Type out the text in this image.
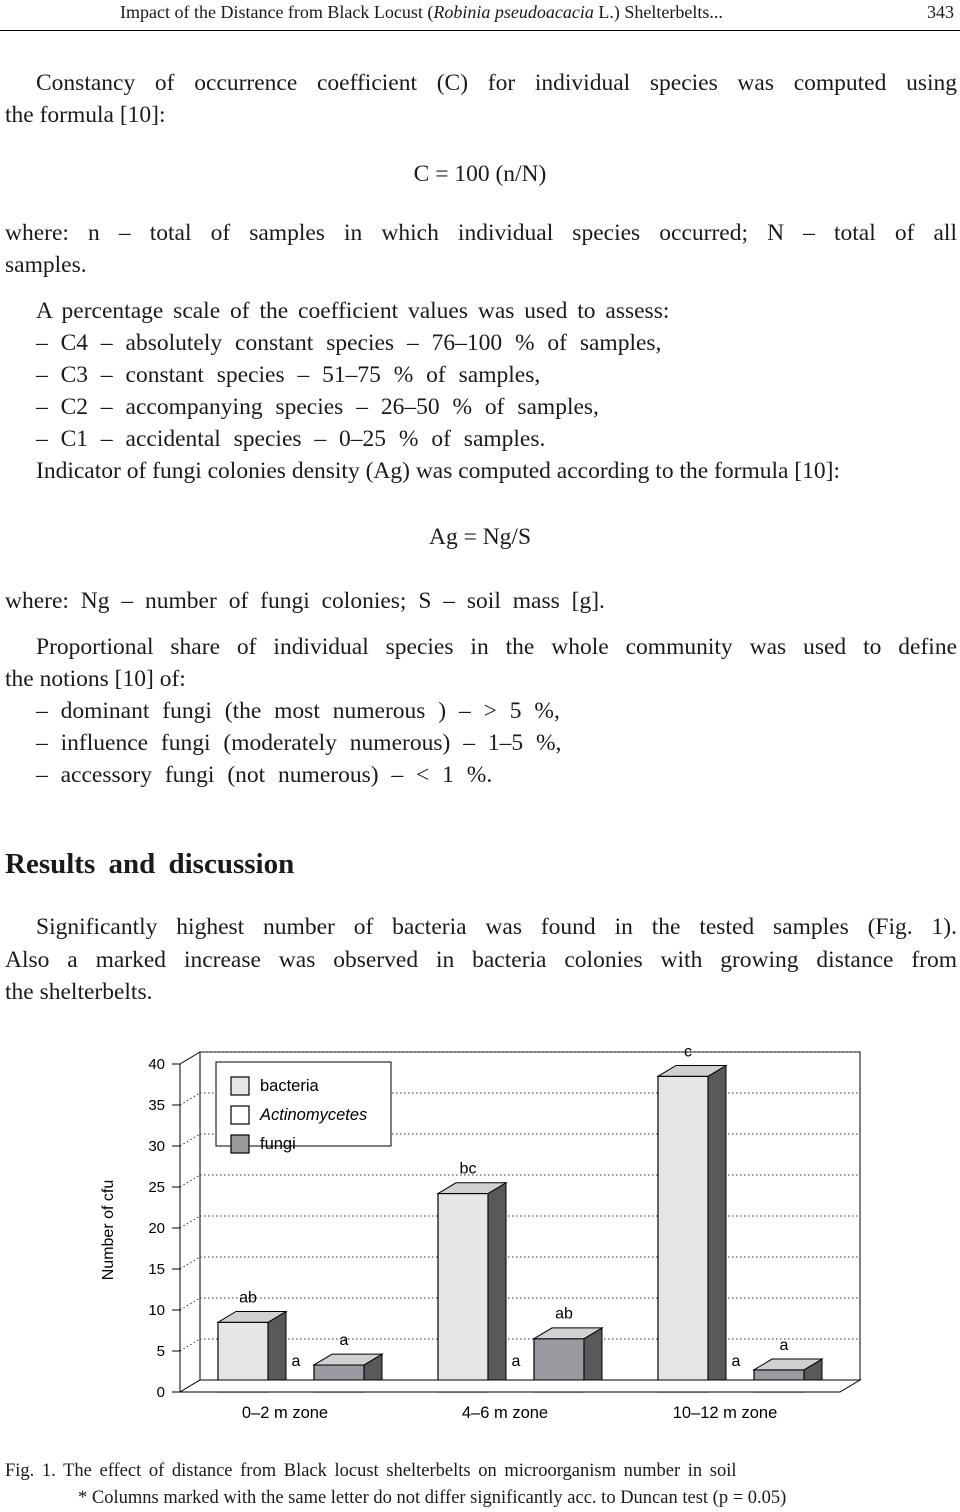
Impact of the Distance from Black Locust (Robinia pseudoacacia L.) Shelterbelts...	343
Constancy of occurrence coefficient (C) for individual species was computed using
the formula [10]:
C = 100 (n/N)
where: n – total of samples in which individual species occurred; N – total of all
samples.
A percentage scale of the coefficient values was used to assess:
– C4 – absolutely constant species – 76–100 % of samples,
– C3 – constant species – 51–75 % of samples,
– C2 – accompanying species – 26–50 % of samples,
– C1 – accidental species – 0–25 % of samples.
Indicator of fungi colonies density (Ag) was computed according to the formula [10]:
Ag = Ng/S
where: Ng – number of fungi colonies; S – soil mass [g].
Proportional share of individual species in the whole community was used to define
the notions [10] of:
– dominant fungi (the most numerous ) – > 5 %,
– influence fungi (moderately numerous) – 1–5 %,
– accessory fungi (not numerous) – < 1 %.
Results and discussion
Significantly highest number of bacteria was found in the tested samples (Fig. 1).
Also a marked increase was observed in bacteria colonies with growing distance from
the shelterbelts.
0
5
10
15
20
25
30
35
40
Number of cfu
0–2 m zone
ab
a
a
4–6 m zone
bc
a
ab
10–12 m zone
c
a
a
bacteria
Actinomycetes
fungi
Fig. 1. The effect of distance from Black locust shelterbelts on microorganism number in soil
* Columns marked with the same letter do not differ significantly acc. to Duncan test (p = 0.05)
